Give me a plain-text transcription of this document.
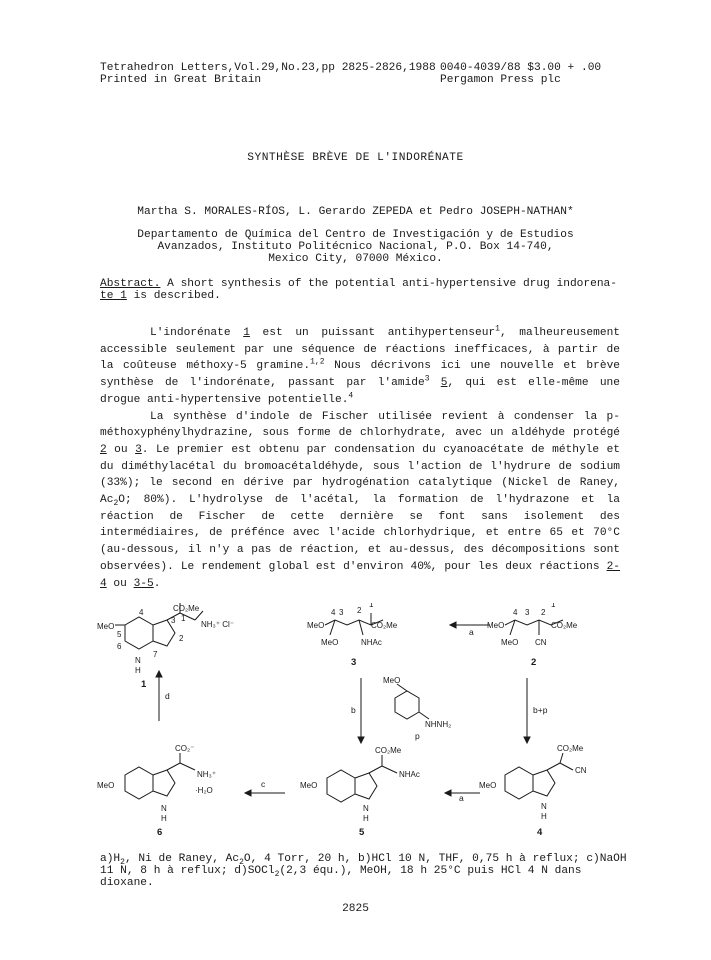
Tetrahedron Letters,Vol.29,No.23,pp 2825-2826,1988
Printed in Great Britain
0040-4039/88 $3.00 + .00
Pergamon Press plc
SYNTHÈSE BRÈVE DE L'INDORÉNATE
Martha S. MORALES-RÍOS, L. Gerardo ZEPEDA et Pedro JOSEPH-NATHAN*
Departamento de Química del Centro de Investigación y de Estudios
Avanzados, Instituto Politécnico Nacional, P.O. Box 14-740,
Mexico City, 07000 México.
Abstract. A short synthesis of the potential anti-hypertensive drug indorena-
te 1 is described.

L'indorénate 1 est un puissant antihypertenseur$^1$, malheureusement accessible seulement par une séquence de réactions inefficaces, à partir de la coûteuse méthoxy-5 gramine.$^{1,2}$ Nous décrivons ici une nouvelle et brève synthèse de l'indorénate, passant par l'amide$^3$ 5, qui est elle-même une drogue anti-hypertensive potentielle.$^4$

La synthèse d'indole de Fischer utilisée revient à condenser la p-méthoxyphénylhydrazine, sous forme de chlorhydrate, avec un aldéhyde protégé 2 ou 3. Le premier est obtenu par condensation du cyanoacétate de méthyle et du diméthylacétal du bromoacétaldéhyde, sous l'action de l'hydrure de sodium (33%); le second en dérive par hydrogénation catalytique (Nickel de Raney, $Ac_2O$; 80%). L'hydrolyse de l'acétal, la formation de l'hydrazone et la réaction de Fischer de cette dernière se font sans isolement des intermédiaires, de préfénce avec l'acide chlorhydrique, et entre 65 et 70°C (au-dessous, il n'y a pas de réaction, et au-dessus, des décompositions sont observées). Le rendement global est d'environ 40%, pour les deux réactions 2-4 ou 3-5.

MeO
CO₂Me
NH₃⁺ Cl⁻
N
H
1
2
3
4
5
6
7
1
MeO
MeO
CO₂Me
NHAc
3
4	2
1
3
a
MeO
MeO
CO₂Me
CN
4 3 2
1
2
d
b	b+p
MeO
NHNH₂
p
MeO
CO₂⁻
NH₃⁺
·H₂O
N
H
6
c	MeO
CO₂Me
NHAc
N
H
5
a
MeO
CO₂Me
CN
N
H
4
$a)H_2$, Ni de Raney, $Ac_2O$, 4 Torr, 20 h, b)HCl 10 N, THF, 0,75 h à reflux; c)NaOH 11 N, 8 h à reflux; d)SOCl$_2$(2,3 équ.), MeOH, 18 h 25°C puis HCl 4 N dans dioxane.
2825
